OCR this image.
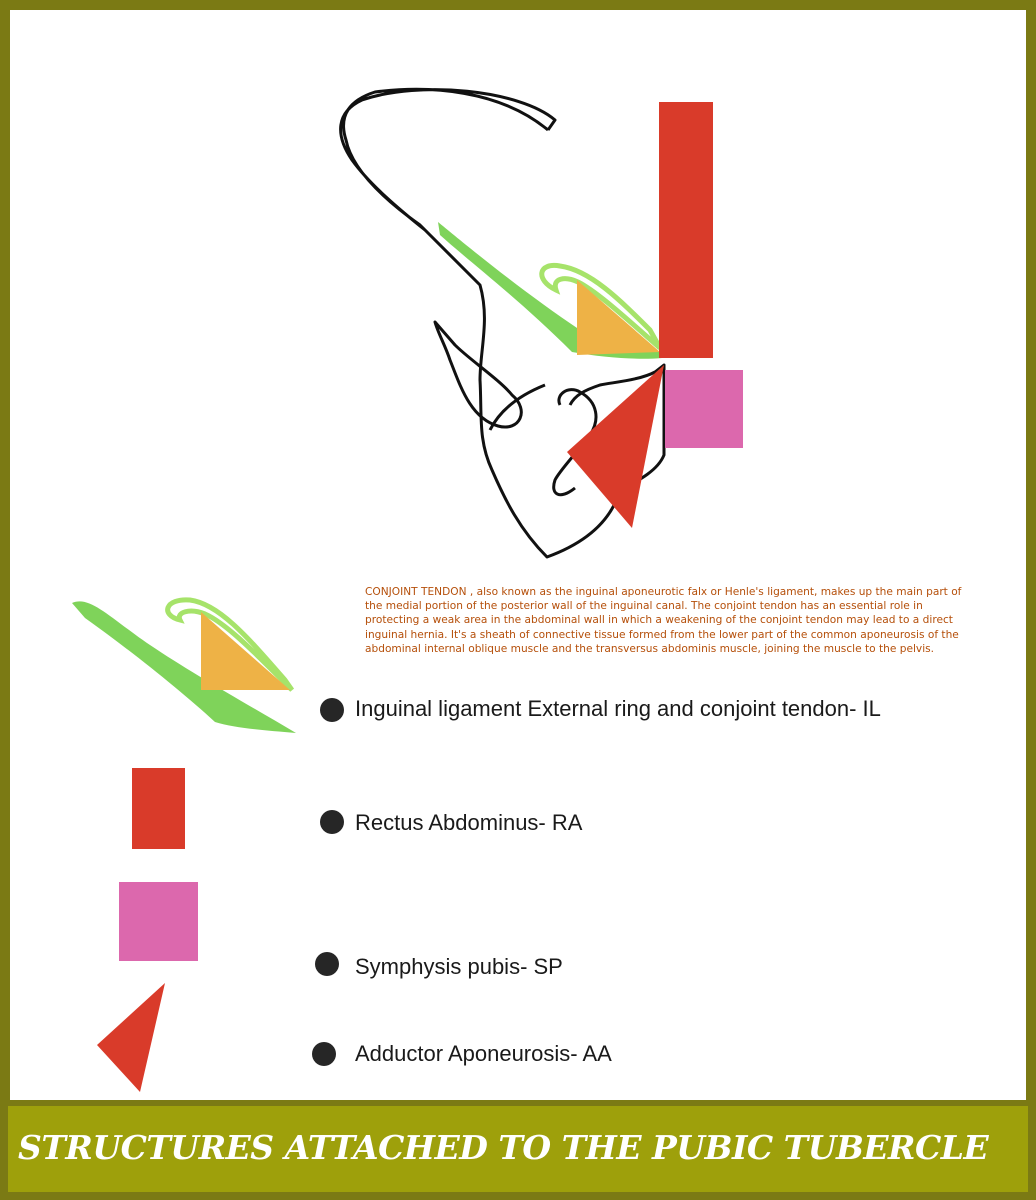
CONJOINT TENDON , also known as the inguinal aponeurotic falx or Henle's ligament, makes up the main part of the medial portion of the posterior wall of the inguinal canal. The conjoint tendon has an essential role in protecting a weak area in the abdominal wall in which a weakening of the conjoint tendon may lead to a direct inguinal hernia. It's a sheath of connective tissue formed from the lower part of the common aponeurosis of the abdominal internal oblique muscle and the transversus abdominis muscle, joining the muscle to the pelvis.
Inguinal ligament External ring and conjoint tendon- IL
Rectus Abdominus- RA
Symphysis pubis- SP
Adductor Aponeurosis- AA
STRUCTURES ATTACHED TO THE PUBIC TUBERCLE
